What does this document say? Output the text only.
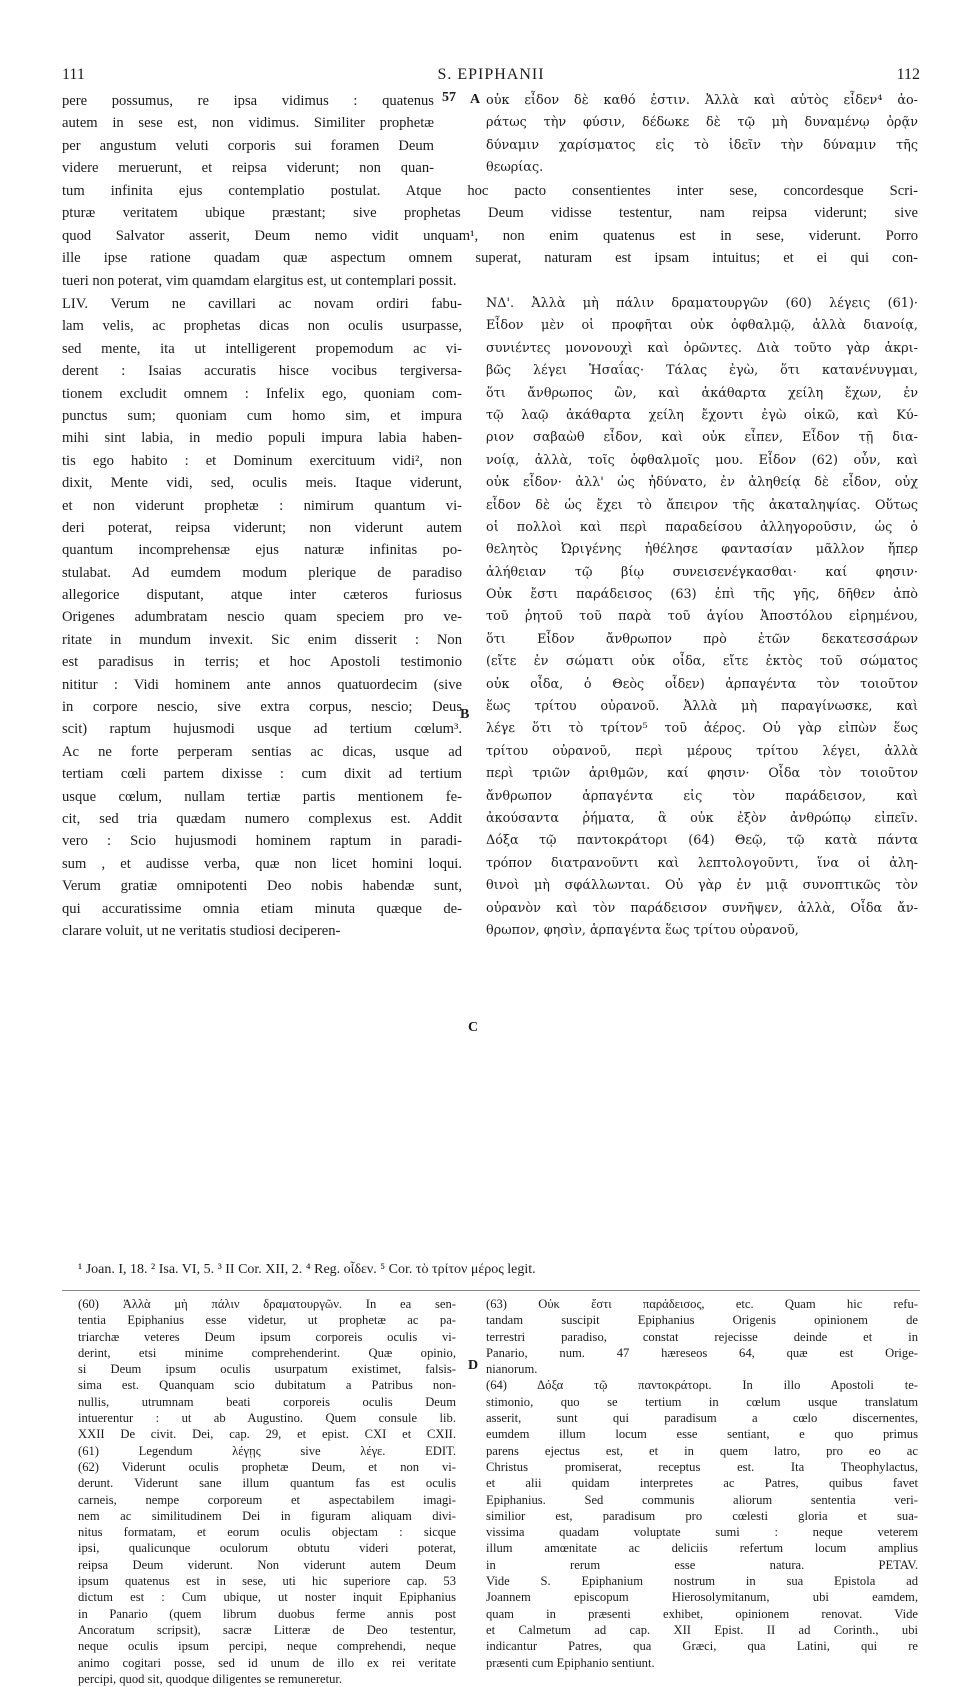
111	S. EPIPHANII	112
57 A
B
C
D
pere possumus, re ipsa vidimus : quatenus
autem in sese est, non vidimus. Similiter prophetæ
per angustum veluti corporis sui foramen Deum
videre meruerunt, et reipsa viderunt; non quan-
οὐκ εἶδον δὲ καθό ἐστιν. Ἀλλὰ καὶ αὐτὸς εἶδεν⁴ ἀο-
ράτως τὴν φύσιν, δέδωκε δὲ τῷ μὴ δυναμένῳ ὁρᾷν
δύναμιν χαρίσματος εἰς τὸ ἰδεῖν τὴν δύναμιν τῆς
θεωρίας.
tum infinita ejus contemplatio postulat. Atque hoc pacto consentientes inter sese, concordesque Scri-
pturæ veritatem ubique præstant; sive prophetas Deum vidisse testentur, nam reipsa viderunt; sive
quod Salvator asserit, Deum nemo vidit unquam¹, non enim quatenus est in sese, viderunt. Porro
ille ipse ratione quadam quæ aspectum omnem superat, naturam est ipsam intuitus; et ei qui con-
tueri non poterat, vim quamdam elargitus est, ut contemplari possit.
LIV. Verum ne cavillari ac novam ordiri fabu-
lam velis, ac prophetas dicas non oculis usurpasse,
sed mente, ita ut intelligerent propemodum ac vi-
derent : Isaias accuratis hisce vocibus tergiversa-
tionem excludit omnem : Infelix ego, quoniam com-
punctus sum; quoniam cum homo sim, et impura
mihi sint labia, in medio populi impura labia haben-
tis ego habito : et Dominum exercituum vidi², non
dixit, Mente vidi, sed, oculis meis. Itaque viderunt,
et non viderunt prophetæ : nimirum quantum vi-
deri poterat, reipsa viderunt; non viderunt autem
quantum incomprehensæ ejus naturæ infinitas po-
stulabat. Ad eumdem modum plerique de paradiso
allegorice disputant, atque inter cæteros furiosus
Origenes adumbratam nescio quam speciem pro ve-
ritate in mundum invexit. Sic enim disserit : Non
est paradisus in terris; et hoc Apostoli testimonio
nititur : Vidi hominem ante annos quatuordecim (sive
in corpore nescio, sive extra corpus, nescio; Deus
scit) raptum hujusmodi usque ad tertium cœlum³.
Ac ne forte perperam sentias ac dicas, usque ad
tertiam cœli partem dixisse : cum dixit ad tertium
usque cœlum, nullam tertiæ partis mentionem fe-
cit, sed tria quædam numero complexus est. Addit
vero : Scio hujusmodi hominem raptum in paradi-
sum , et audisse verba, quæ non licet homini loqui.
Verum gratiæ omnipotenti Deo nobis habendæ sunt,
qui accuratissime omnia etiam minuta quæque de-
clarare voluit, ut ne veritatis studiosi deciperen-
ΝΔ'. Ἀλλὰ μὴ πάλιν δραματουργῶν (60) λέγεις (61)·
Εἶδον μὲν οἱ προφῆται οὐκ ὀφθαλμῷ, ἀλλὰ διανοίᾳ,
συνιέντες μονονουχὶ καὶ ὁρῶντες. Διὰ τοῦτο γὰρ ἀκρι-
βῶς λέγει Ἡσαΐας· Τάλας ἐγὼ, ὅτι κατανένυγμαι,
ὅτι ἄνθρωπος ὢν, καὶ ἀκάθαρτα χείλη ἔχων, ἐν
τῷ λαῷ ἀκάθαρτα χείλη ἔχοντι ἐγὼ οἰκῶ, καὶ Κύ-
ριον σαβαὼθ εἶδον, καὶ οὐκ εἶπεν, Εἶδον τῇ δια-
νοίᾳ, ἀλλὰ, τοῖς ὀφθαλμοῖς μου. Εἶδον (62) οὖν, καὶ
οὐκ εἶδον· ἀλλ' ὡς ἠδύνατο, ἐν ἀληθείᾳ δὲ εἶδον, οὐχ
εἶδον δὲ ὡς ἔχει τὸ ἄπειρον τῆς ἀκαταληψίας. Οὕτως
οἱ πολλοὶ καὶ περὶ παραδείσου ἀλληγοροῦσιν, ὡς ὁ
θελητὸς Ὠριγένης ἠθέλησε φαντασίαν μᾶλλον ἤπερ
ἀλήθειαν τῷ βίῳ συνεισενέγκασθαι· καί φησιν·
Οὐκ ἔστι παράδεισος (63) ἐπὶ τῆς γῆς, δῆθεν ἀπὸ
τοῦ ῥητοῦ τοῦ παρὰ τοῦ ἁγίου Ἀποστόλου εἰρημένου,
ὅτι Εἶδον ἄνθρωπον πρὸ ἐτῶν δεκατεσσάρων
(εἴτε ἐν σώματι οὐκ οἶδα, εἴτε ἐκτὸς τοῦ σώματος
οὐκ οἶδα, ὁ Θεὸς οἶδεν) ἁρπαγέντα τὸν τοιοῦτον
ἕως τρίτου οὐρανοῦ. Ἀλλὰ μὴ παραγίνωσκε, καὶ
λέγε ὅτι τὸ τρίτον⁵ τοῦ ἀέρος. Οὐ γὰρ εἰπὼν ἕως
τρίτου οὐρανοῦ, περὶ μέρους τρίτου λέγει, ἀλλὰ
περὶ τριῶν ἀριθμῶν, καί φησιν· Οἶδα τὸν τοιοῦτον
ἄνθρωπον ἁρπαγέντα εἰς τὸν παράδεισον, καὶ
ἀκούσαντα ῥήματα, ἃ οὐκ ἐξὸν ἀνθρώπῳ εἰπεῖν.
Δόξα τῷ παντοκράτορι (64) Θεῷ, τῷ κατὰ πάντα
τρόπον διατρανοῦντι καὶ λεπτολογοῦντι, ἵνα οἱ ἀλη-
θινοὶ μὴ σφάλλωνται. Οὐ γὰρ ἐν μιᾷ συνοπτικῶς τὸν
οὐρανὸν καὶ τὸν παράδεισον συνῆψεν, ἀλλὰ, Οἶδα ἄν-
θρωπον, φησὶν, ἁρπαγέντα ἕως τρίτου οὐρανοῦ,
¹ Joan. I, 18. ² Isa. VI, 5. ³ II Cor. XII, 2. ⁴ Reg. οἶδεν. ⁵ Cor. τὸ τρίτον μέρος legit.
(60) Ἀλλὰ μὴ πάλιν δραματουργῶν. In ea sen-
tentia Epiphanius esse videtur, ut prophetæ ac pa-
triarchæ veteres Deum ipsum corporeis oculis vi-
derint, etsi minime comprehenderint. Quæ opinio,
si Deum ipsum oculis usurpatum existimet, falsis-
sima est. Quanquam scio dubitatum a Patribus non-
nullis, utrumnam beati corporeis oculis Deum
intuerentur : ut ab Augustino. Quem consule lib.
XXII De civit. Dei, cap. 29, et epist. CXI et CXII.
(61) Legendum λέγῃς sive λέγε. EDIT.
(62) Viderunt oculis prophetæ Deum, et non vi-
derunt. Viderunt sane illum quantum fas est oculis
carneis, nempe corporeum et aspectabilem imagi-
nem ac similitudinem Dei in figuram aliquam divi-
nitus formatam, et eorum oculis objectam : sicque
ipsi, qualicunque oculorum obtutu videri poterat,
reipsa Deum viderunt. Non viderunt autem Deum
ipsum quatenus est in sese, uti hic superiore cap. 53
dictum est : Cum ubique, ut noster inquit Epiphanius
in Panario (quem librum duobus ferme annis post
Ancoratum scripsit), sacræ Litteræ de Deo testentur,
neque oculis ipsum percipi, neque comprehendi, neque
animo cogitari posse, sed id unum de illo ex rei veritate
percipi, quod sit, quodque diligentes se remuneretur.
(63) Οὐκ ἔστι παράδεισος, etc. Quam hic refu-
tandam suscipit Epiphanius Origenis opinionem de
terrestri paradiso, constat rejecisse deinde et in
Panario, num. 47 hæreseos 64, quæ est Orige-
nianorum.
(64) Δόξα τῷ παντοκράτορι. In illo Apostoli te-
stimonio, quo se tertium in cœlum usque translatum
asserit, sunt qui paradisum a cœlo discernentes,
eumdem illum locum esse sentiant, e quo primus
parens ejectus est, et in quem latro, pro eo ac
Christus promiserat, receptus est. Ita Theophylactus,
et alii quidam interpretes ac Patres, quibus favet
Epiphanius. Sed communis aliorum sententia veri-
similior est, paradisum pro cœlesti gloria et sua-
vissima quadam voluptate sumi : neque veterem
illum amœnitate ac deliciis refertum locum amplius
in rerum esse natura. PETAV.
Vide S. Epiphanium nostrum in sua Epistola ad
Joannem episcopum Hierosolymitanum, ubi eamdem,
quam in præsenti exhibet, opinionem renovat. Vide
et Calmetum ad cap. XII Epist. II ad Corinth., ubi
indicantur Patres, qua Græci, qua Latini, qui re
præsenti cum Epiphanio sentiunt.
